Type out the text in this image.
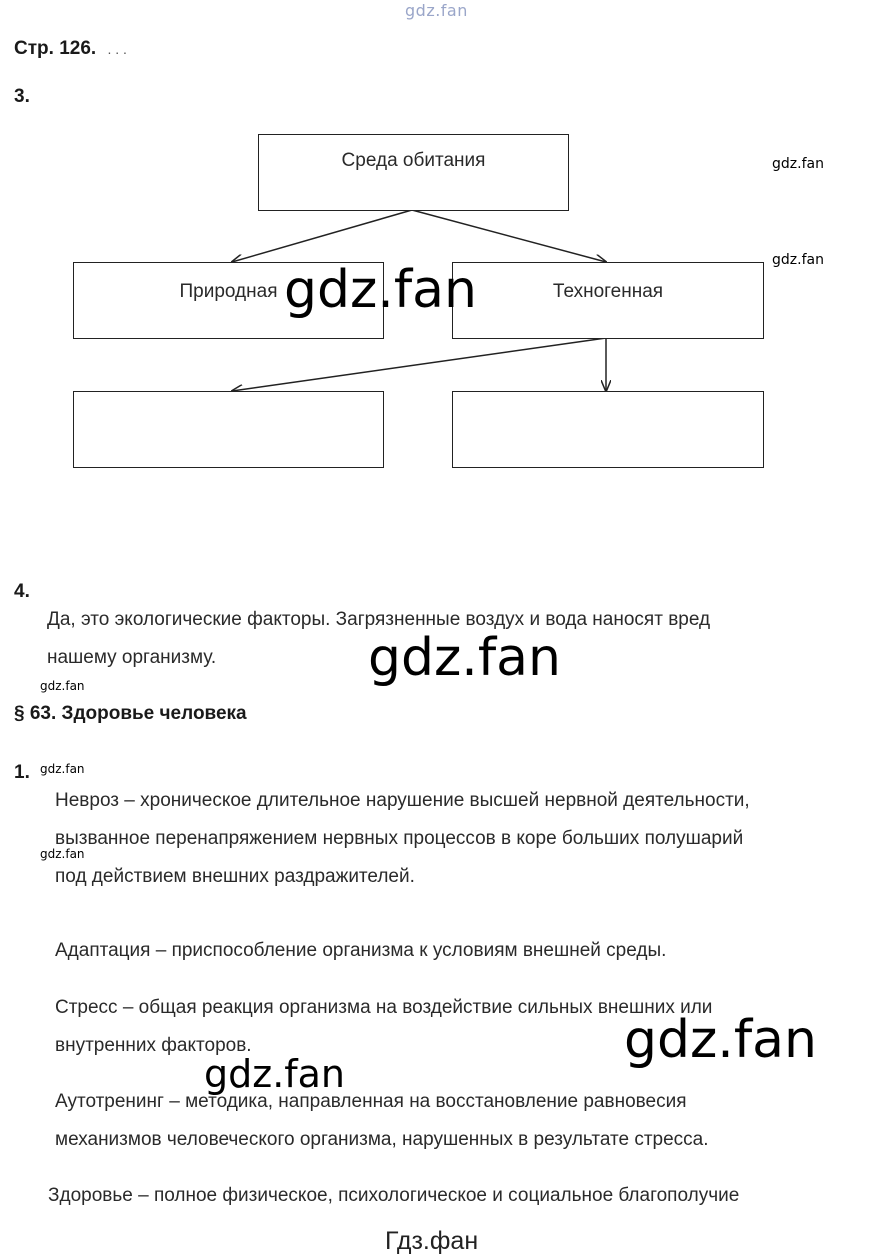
gdz.fan
Стр. 126. . . .
3.
Среда обитания
Природная	Техногенная
4.
Да, это экологические факторы. Загрязненные воздух и вода наносят вред
нашему организму.
§ 63. Здоровье человека
1.
Невроз – хроническое длительное нарушение высшей нервной деятельности,
вызванное перенапряжением нервных процессов в коре больших полушарий
под действием внешних раздражителей.
Адаптация – приспособление организма к условиям внешней среды.
Стресс – общая реакция организма на воздействие сильных внешних или
внутренних факторов.
Аутотренинг – методика, направленная на восстановление равновесия
механизмов человеческого организма, нарушенных в результате стресса.
Здоровье – полное физическое, психологическое и социальное благополучие
Гдз.фан
gdz.fan
gdz.fan
gdz.fan
gdz.fan
gdz.fan
gdz.fan
gdz.fan
gdz.fan
gdz.fan
